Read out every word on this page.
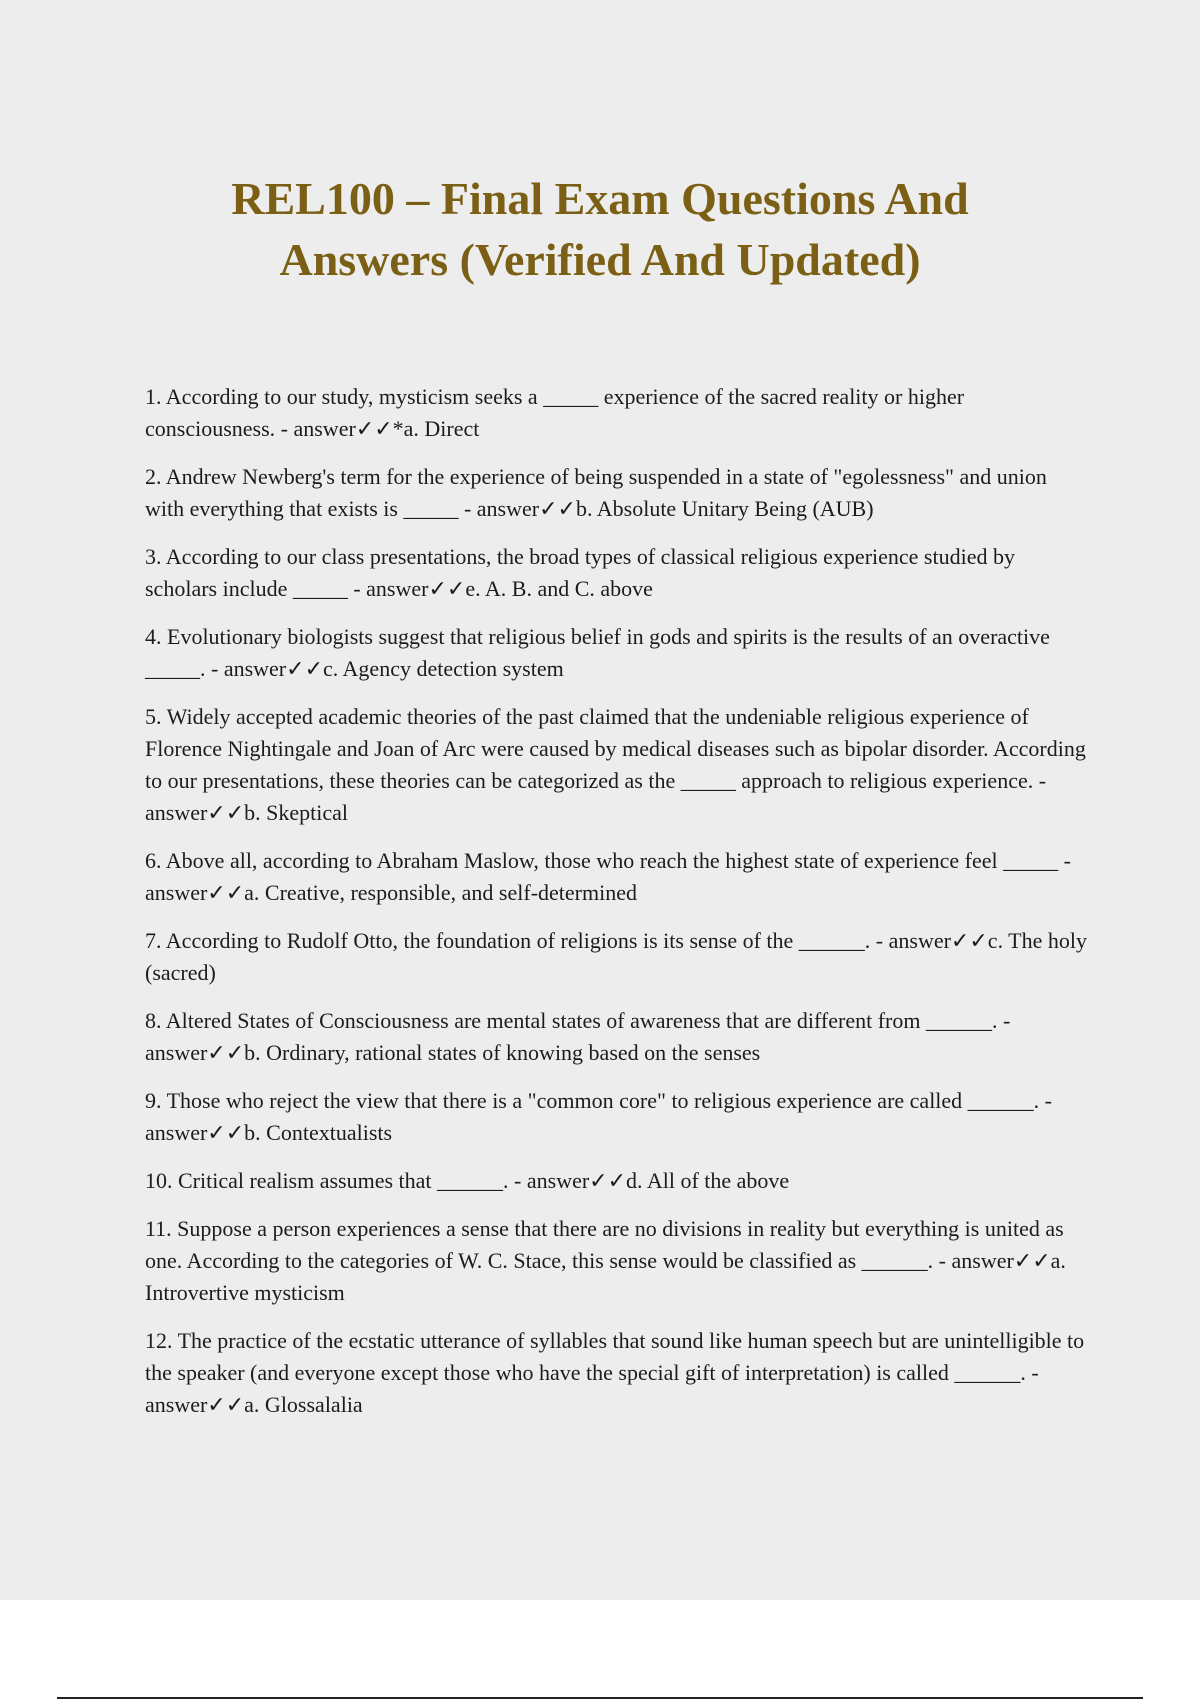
REL100 – Final Exam Questions And
Answers (Verified And Updated)
1. According to our study, mysticism seeks a _____ experience of the sacred reality or higher consciousness. - answer✓✓*a. Direct
2. Andrew Newberg's term for the experience of being suspended in a state of "egolessness" and union with everything that exists is _____ - answer✓✓b. Absolute Unitary Being (AUB)
3. According to our class presentations, the broad types of classical religious experience studied by scholars include _____ - answer✓✓e. A. B. and C. above
4. Evolutionary biologists suggest that religious belief in gods and spirits is the results of an overactive _____. - answer✓✓c. Agency detection system
5. Widely accepted academic theories of the past claimed that the undeniable religious experience of Florence Nightingale and Joan of Arc were caused by medical diseases such as bipolar disorder. According to our presentations, these theories can be categorized as the _____ approach to religious experience. - answer✓✓b. Skeptical
6. Above all, according to Abraham Maslow, those who reach the highest state of experience feel _____ - answer✓✓a. Creative, responsible, and self-determined
7. According to Rudolf Otto, the foundation of religions is its sense of the ______. - answer✓✓c. The holy (sacred)
8. Altered States of Consciousness are mental states of awareness that are different from ______. - answer✓✓b. Ordinary, rational states of knowing based on the senses
9. Those who reject the view that there is a "common core" to religious experience are called ______. - answer✓✓b. Contextualists
10. Critical realism assumes that ______. - answer✓✓d. All of the above
11. Suppose a person experiences a sense that there are no divisions in reality but everything is united as one. According to the categories of W. C. Stace, this sense would be classified as ______. - answer✓✓a. Introvertive mysticism
12. The practice of the ecstatic utterance of syllables that sound like human speech but are unintelligible to the speaker (and everyone except those who have the special gift of interpretation) is called ______. - answer✓✓a. Glossalalia
